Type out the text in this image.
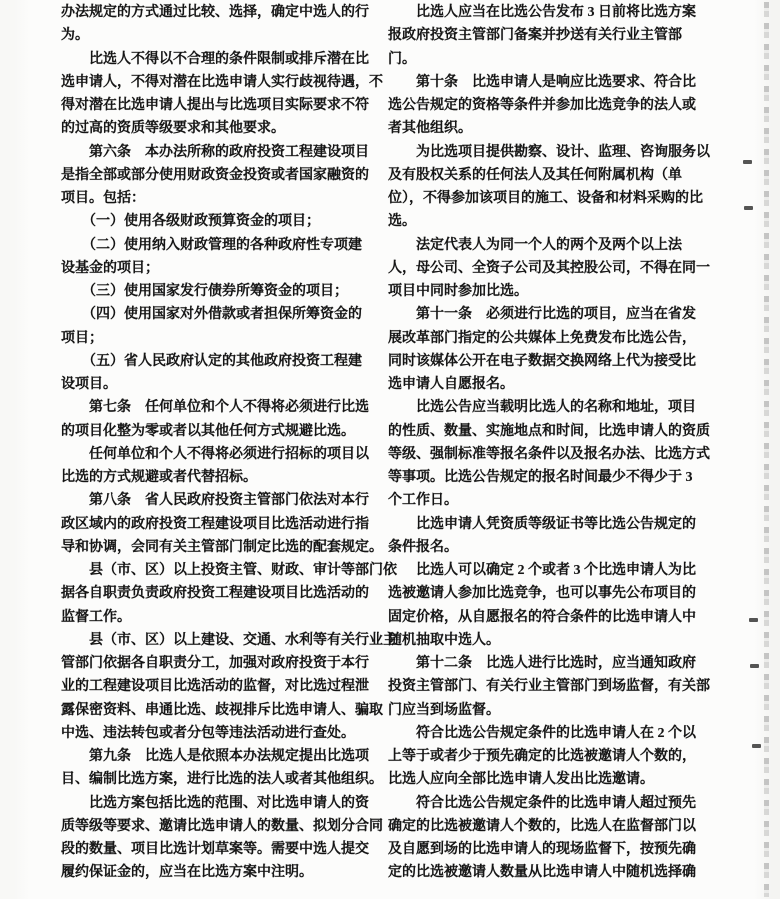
办法规定的方式通过比较、选择，确定中选人的行
为。
　　比选人不得以不合理的条件限制或排斥潜在比
选申请人，不得对潜在比选申请人实行歧视待遇，不
得对潜在比选申请人提出与比选项目实际要求不符
的过高的资质等级要求和其他要求。
　　第六条　本办法所称的政府投资工程建设项目
是指全部或部分使用财政资金投资或者国家融资的
项目。包括：
　　（一）使用各级财政预算资金的项目；
　　（二）使用纳入财政管理的各种政府性专项建
设基金的项目；
　　（三）使用国家发行债券所筹资金的项目；
　　（四）使用国家对外借款或者担保所筹资金的
项目；
　　（五）省人民政府认定的其他政府投资工程建
设项目。
　　第七条　任何单位和个人不得将必须进行比选
的项目化整为零或者以其他任何方式规避比选。
　　任何单位和个人不得将必须进行招标的项目以
比选的方式规避或者代替招标。
　　第八条　省人民政府投资主管部门依法对本行
政区域内的政府投资工程建设项目比选活动进行指
导和协调，会同有关主管部门制定比选的配套规定。
　　县（市、区）以上投资主管、财政、审计等部门依
据各自职责负责政府投资工程建设项目比选活动的
监督工作。
　　县（市、区）以上建设、交通、水利等有关行业主
管部门依据各自职责分工，加强对政府投资于本行
业的工程建设项目比选活动的监督，对比选过程泄
露保密资料、串通比选、歧视排斥比选申请人、骗取
中选、违法转包或者分包等违法活动进行查处。
　　第九条　比选人是依照本办法规定提出比选项
目、编制比选方案，进行比选的法人或者其他组织。
　　比选方案包括比选的范围、对比选申请人的资
质等级等要求、邀请比选申请人的数量、拟划分合同
段的数量、项目比选计划草案等。需要中选人提交
履约保证金的，应当在比选方案中注明。
　　比选人应当在比选公告发布 3 日前将比选方案
报政府投资主管部门备案并抄送有关行业主管部
门。
　　第十条　比选申请人是响应比选要求、符合比
选公告规定的资格等条件并参加比选竞争的法人或
者其他组织。
　　为比选项目提供勘察、设计、监理、咨询服务以
及有股权关系的任何法人及其任何附属机构（单
位），不得参加该项目的施工、设备和材料采购的比
选。
　　法定代表人为同一个人的两个及两个以上法
人，母公司、全资子公司及其控股公司，不得在同一
项目中同时参加比选。
　　第十一条　必须进行比选的项目，应当在省发
展改革部门指定的公共媒体上免费发布比选公告，
同时该媒体公开在电子数据交换网络上代为接受比
选申请人自愿报名。
　　比选公告应当载明比选人的名称和地址，项目
的性质、数量、实施地点和时间，比选申请人的资质
等级、强制标准等报名条件以及报名办法、比选方式
等事项。比选公告规定的报名时间最少不得少于 3
个工作日。
　　比选申请人凭资质等级证书等比选公告规定的
条件报名。
　　比选人可以确定 2 个或者 3 个比选申请人为比
选被邀请人参加比选竞争，也可以事先公布项目的
固定价格，从自愿报名的符合条件的比选申请人中
随机抽取中选人。
　　第十二条　比选人进行比选时，应当通知政府
投资主管部门、有关行业主管部门到场监督，有关部
门应当到场监督。
　　符合比选公告规定条件的比选申请人在 2 个以
上等于或者少于预先确定的比选被邀请人个数的，
比选人应向全部比选申请人发出比选邀请。
　　符合比选公告规定条件的比选申请人超过预先
确定的比选被邀请人个数的，比选人在监督部门以
及自愿到场的比选申请人的现场监督下，按预先确
定的比选被邀请人数量从比选申请人中随机选择确
